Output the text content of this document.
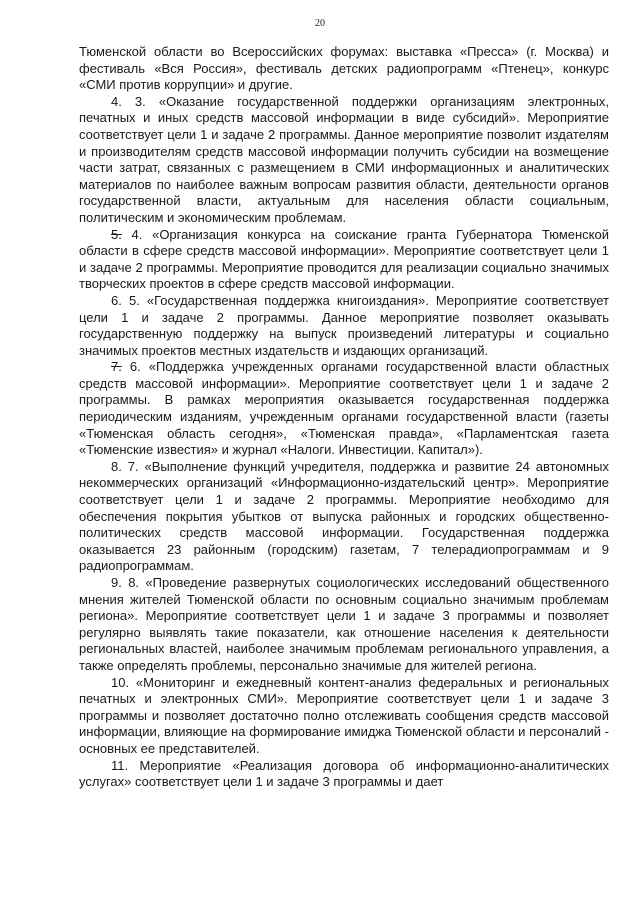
20

Тюменской области во Всероссийских форумах: выставка «Пресса» (г. Москва) и фестиваль «Вся Россия», фестиваль детских радиопрограмм «Птенец», конкурс «СМИ против коррупции» и другие.

4. 3. «Оказание государственной поддержки организациям электронных, печатных и иных средств массовой информации в виде субсидий». Мероприятие соответствует цели 1 и задаче 2 программы. Данное мероприятие позволит издателям и производителям средств массовой информации получить субсидии на возмещение части затрат, связанных с размещением в СМИ информационных и аналитических материалов по наиболее важным вопросам развития области, деятельности органов государственной власти, актуальным для населения области социальным, политическим и экономическим проблемам.

5. 4. «Организация конкурса на соискание гранта Губернатора Тюменской области в сфере средств массовой информации». Мероприятие соответствует цели 1 и задаче 2 программы. Мероприятие проводится для реализации социально значимых творческих проектов в сфере средств массовой информации.

6. 5. «Государственная поддержка книгоиздания». Мероприятие соответствует цели 1 и задаче 2 программы. Данное мероприятие позволяет оказывать государственную поддержку на выпуск произведений литературы и социально значимых проектов местных издательств и издающих организаций.

7. 6. «Поддержка учрежденных органами государственной власти областных средств массовой информации». Мероприятие соответствует цели 1 и задаче 2 программы. В рамках мероприятия оказывается государственная поддержка периодическим изданиям, учрежденным органами государственной власти (газеты «Тюменская область сегодня», «Тюменская правда», «Парламентская газета «Тюменские известия» и журнал «Налоги. Инвестиции. Капитал»).

8. 7. «Выполнение функций учредителя, поддержка и развитие 24 автономных некоммерческих организаций «Информационно-издательский центр». Мероприятие соответствует цели 1 и задаче 2 программы. Мероприятие необходимо для обеспечения покрытия убытков от выпуска районных и городских общественно-политических средств массовой информации. Государственная поддержка оказывается 23 районным (городским) газетам, 7 телерадиопрограммам и 9 радиопрограммам.

9. 8. «Проведение развернутых социологических исследований общественного мнения жителей Тюменской области по основным социально значимым проблемам региона». Мероприятие соответствует цели 1 и задаче 3 программы и позволяет регулярно выявлять такие показатели, как отношение населения к деятельности региональных властей, наиболее значимым проблемам регионального управления, а также определять проблемы, персонально значимые для жителей региона.

10. «Мониторинг и ежедневный контент-анализ федеральных и региональных печатных и электронных СМИ». Мероприятие соответствует цели 1 и задаче 3 программы и позволяет достаточно полно отслеживать сообщения средств массовой информации, влияющие на формирование имиджа Тюменской области и персоналий - основных ее представителей.

11. Мероприятие «Реализация договора об информационно-аналитических услугах» соответствует цели 1 и задаче 3 программы и дает
